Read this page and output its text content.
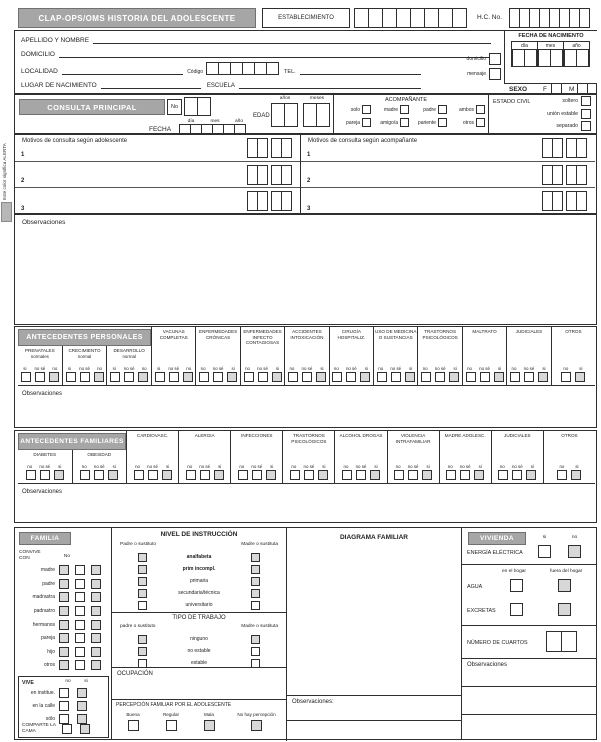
Este color significa ALERTA
CLAP-OPS/OMS HISTORIA DEL ADOLESCENTE	ESTABLECIMIENTO	H.C. No.
APELLIDO Y NOMBRE
DOMICILIO
LOCALIDAD	Código	TEL.
LUGAR DE NACIMIENTO	ESCUELA
domicilio
mensaje
FECHA DE NACIMIENTO
día	mes	año
SEXO F	M
CONSULTA PRINCIPAL	No
día	mes	año
FECHA
años	meses
EDAD
ACOMPAÑANTE
solo	madre	padre	ambos
pareja	amigo/a	pariente	otros
ESTADO CIVIL	soltero
unión estable
separado
Motivos de consulta según adolescente
1
2
3
Motivos de consulta según acompañante
1
2
3
Observaciones
ANTECEDENTES PERSONALES
PRENATALES
normales
si	no sé	no
CRECIMIENTO
normal
si	no sé	no
DESARROLLO
normal
si	no sé	no
VACUNAS COMPLETAS
si	no sé	no
ENFERMEDADES CRÓNICAS
no	no sé	si
ENFERMEDADES INFECTO CONTAGIOSAS
no	no sé	si
ACCIDENTES INTOXICACIÓN
no	no sé	si
CIRUGÍA HOSPITALIZ.
no	no sé	si
USO DE MEDICINA O SUSTANCIAS
no	no sé	si
TRASTORNOS PSICOLÓGICOS
no	no sé	si
MALTRATO
no	no sé	si
JUDICIALES
no	no sé	si
OTROS
no	si
Observaciones
ANTECEDENTES FAMILIARES
DIABETES
no	no sé	si
OBESIDAD
no	no sé	si
CARDIOVASC.
no	no sé	si
ALERGIA
no	no sé	si
INFECCIONES
no	no sé	si
TRASTORNOS PSICOLÓGICOS
no	no sé	si
ALCOHOL DROGAS
no	no sé	si
VIOLENCIA INTRAFAMILIAR
no	no sé	si
MADRE ADOLESC.
no	no sé	si
JUDICIALES
no	no sé	si
OTROS
no	si
Observaciones
FAMILIA
CONVIVE CON	No
madre
padre
madrastra
padrastro
hermanos
pareja
hijo
otros
VIVE	no	si
en institue.
en la calle
sólo
COMPARTE LA CAMA
NIVEL DE INSTRUCCIÓN
Padre o sustituto	Madre o sustituta
analfabeta
prim incompl.
primaria
secundaria/técnica
universitario
TIPO DE TRABAJO
padre o sustituto	Madre o sustituta
ninguno
no estable
estable
OCUPACIÓN
PERCEPCIÓN FAMILIAR POR EL ADOLESCENTE
Buena	Regular	Mala	No hay percepción
DIAGRAMA FAMILIAR
Observaciones:
VIVIENDA	si	no
ENERGÍA ELÉCTRICA
en el hogar	fuera del hogar
AGUA
EXCRETAS
NÚMERO DE CUARTOS
Observaciones
